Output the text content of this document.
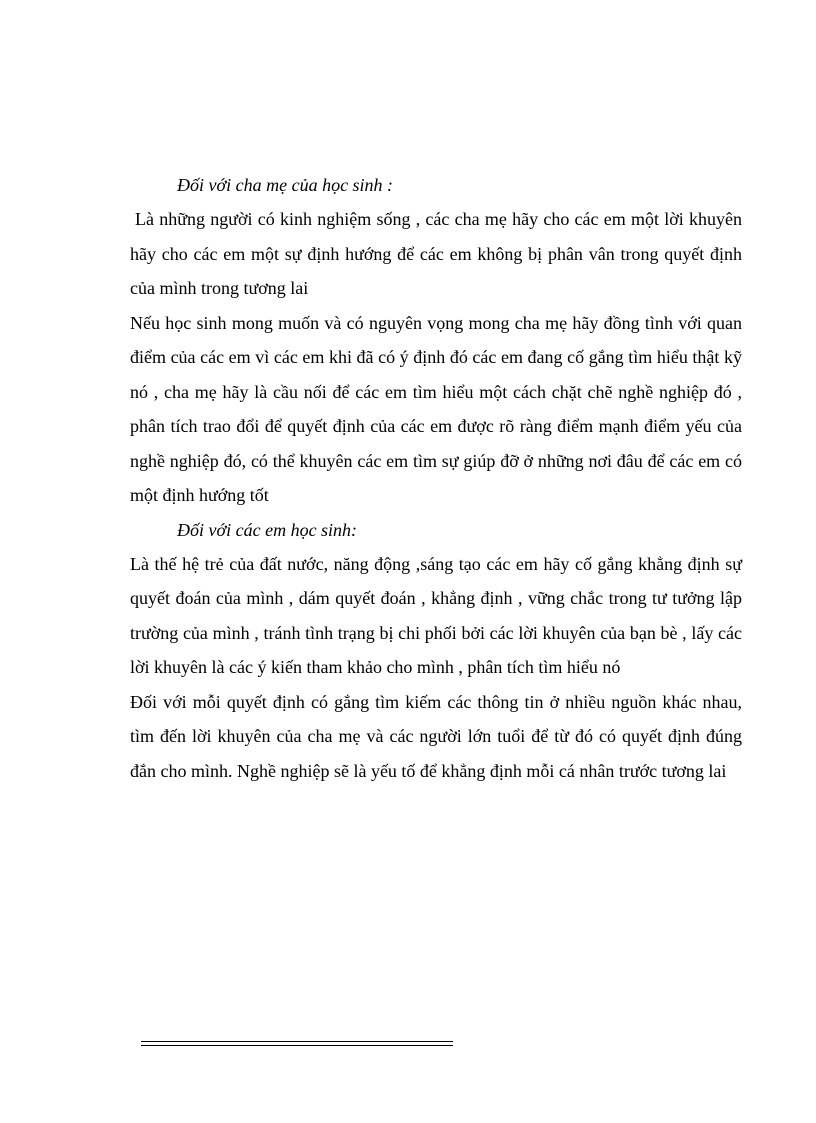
Đối với cha mẹ của học sinh :

Là những người có kinh nghiệm sống , các cha mẹ hãy cho các em một lời khuyên hãy cho các em một sự định hướng để các em không bị phân vân trong quyết định của mình trong tương lai

Nếu học sinh mong muốn và có nguyên vọng mong cha mẹ hãy đồng tình với quan điểm của các em vì các em khi đã có ý định đó các em đang cố gắng tìm hiểu thật kỹ nó , cha mẹ hãy là cầu nối để các em tìm hiểu một cách chặt chẽ nghề nghiệp đó , phân tích trao đổi để quyết định của các em được rõ ràng điểm mạnh điểm yếu của nghề nghiệp đó, có thể khuyên các em tìm sự giúp đỡ ở những nơi đâu để các em có một định hướng tốt

Đối với các em học sinh:

Là thế hệ trẻ của đất nước, năng động ,sáng tạo các em hãy cố gắng khẳng định sự quyết đoán của mình , dám quyết đoán , khẳng định , vững chắc trong tư tưởng lập trường của mình , tránh tình trạng bị chi phối bởi các lời khuyên của bạn bè , lấy các lời khuyên là các ý kiến tham khảo cho mình , phân tích tìm hiểu nó

Đối với mỗi quyết định có gắng tìm kiếm các thông tin ở nhiều nguồn khác nhau, tìm đến lời khuyên của cha mẹ và các người lớn tuổi để từ đó có quyết định đúng đắn cho mình. Nghề nghiệp sẽ là yếu tố để khẳng định mỗi cá nhân trước tương lai
